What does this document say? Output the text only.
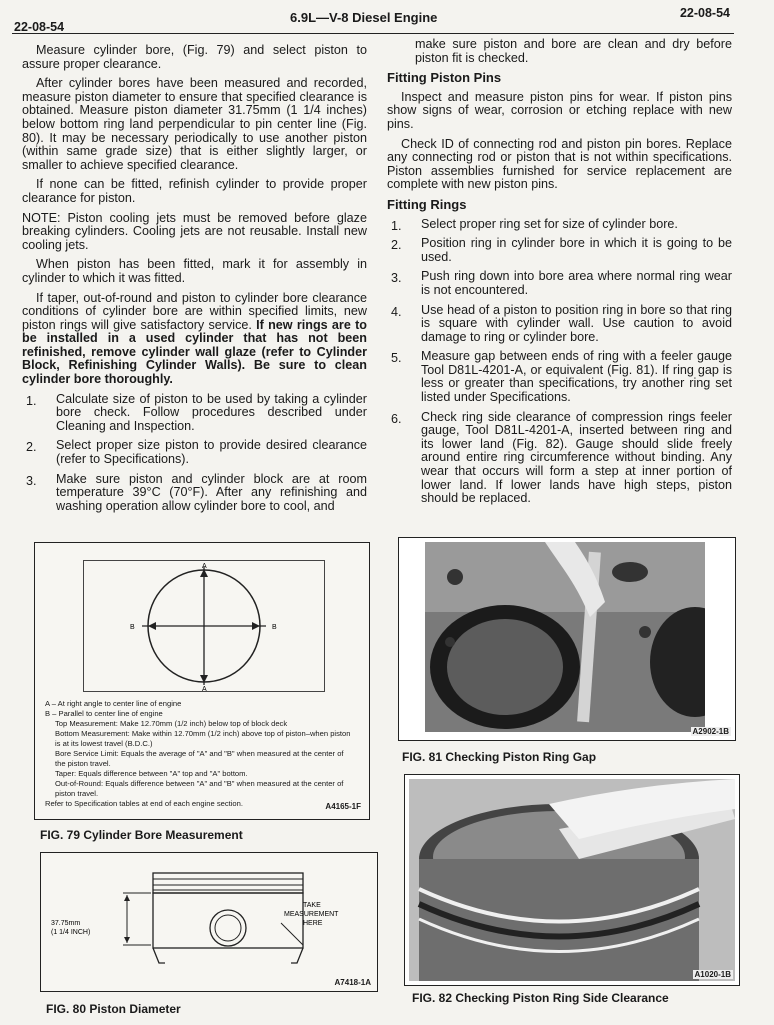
22-08-54
6.9L—V-8 Diesel Engine	22-08-54

Measure cylinder bore, (Fig. 79) and select piston to assure proper clearance.

After cylinder bores have been measured and recorded, measure piston diameter to ensure that specified clearance is obtained. Measure piston diameter 31.75mm (1 1/4 inches) below bottom ring land perpendicular to pin center line (Fig. 80). It may be necessary periodically to use another piston (within same grade size) that is either slightly larger, or smaller to achieve specified clearance.

If none can be fitted, refinish cylinder to provide proper clearance for piston.

NOTE: Piston cooling jets must be removed before glaze breaking cylinders. Cooling jets are not reusable. Install new cooling jets.

When piston has been fitted, mark it for assembly in cylinder to which it was fitted.

If taper, out-of-round and piston to cylinder bore clearance conditions of cylinder bore are within specified limits, new piston rings will give satisfactory service. If new rings are to be installed in a used cylinder that has not been refinished, remove cylinder wall glaze (refer to Cylinder Block, Refinishing Cylinder Walls). Be sure to clean cylinder bore thoroughly.

1. Calculate size of piston to be used by taking a cylinder bore check. Follow procedures described under Cleaning and Inspection.
2. Select proper size piston to provide desired clearance (refer to Specifications).
3. Make sure piston and cylinder block are at room temperature 39°C (70°F). After any refinishing and washing operation allow cylinder bore to cool, and

make sure piston and bore are clean and dry before piston fit is checked.

Fitting Piston Pins

Inspect and measure piston pins for wear. If piston pins show signs of wear, corrosion or etching replace with new pins.

Check ID of connecting rod and piston pin bores. Replace any connecting rod or piston that is not within specifications. Piston assemblies furnished for service replacement are complete with new piston pins.

Fitting Rings
1. Select proper ring set for size of cylinder bore.
2. Position ring in cylinder bore in which it is going to be used.
3. Push ring down into bore area where normal ring wear is not encountered.
4. Use head of a piston to position ring in bore so that ring is square with cylinder wall. Use caution to avoid damage to ring or cylinder bore.
5. Measure gap between ends of ring with a feeler gauge Tool D81L-4201-A, or equivalent (Fig. 81). If ring gap is less or greater than specifications, try another ring set listed under Specifications.
6. Check ring side clearance of compression rings feeler gauge, Tool D81L-4201-A, inserted between ring and its lower land (Fig. 82). Gauge should slide freely around entire ring circumference without binding. Any wear that occurs will form a step at inner portion of lower land. If lower lands have high steps, piston should be replaced.
A
A
B	B
A – At right angle to center line of engine
B – Parallel to center line of engine
Top Measurement: Make 12.70mm (1/2 inch) below top of block deck
Bottom Measurement: Make within 12.70mm (1/2 inch) above top of piston–when piston is at its lowest travel (B.D.C.)
Bore Service Limit: Equals the average of "A" and "B" when measured at the center of the piston travel.
Taper: Equals difference between "A" top and "A" bottom.
Out-of-Round: Equals difference between "A" and "B" when measured at the center of piston travel.
Refer to Specification tables at end of each engine section.	A4165-1F
FIG. 79 Cylinder Bore Measurement
37.75mm
(1 1/4 INCH)
TAKE
MEASUREMENT
HERE
A7418-1A
FIG. 80 Piston Diameter
A2902-1B
FIG. 81 Checking Piston Ring Gap
A1020-1B
FIG. 82 Checking Piston Ring Side Clearance
